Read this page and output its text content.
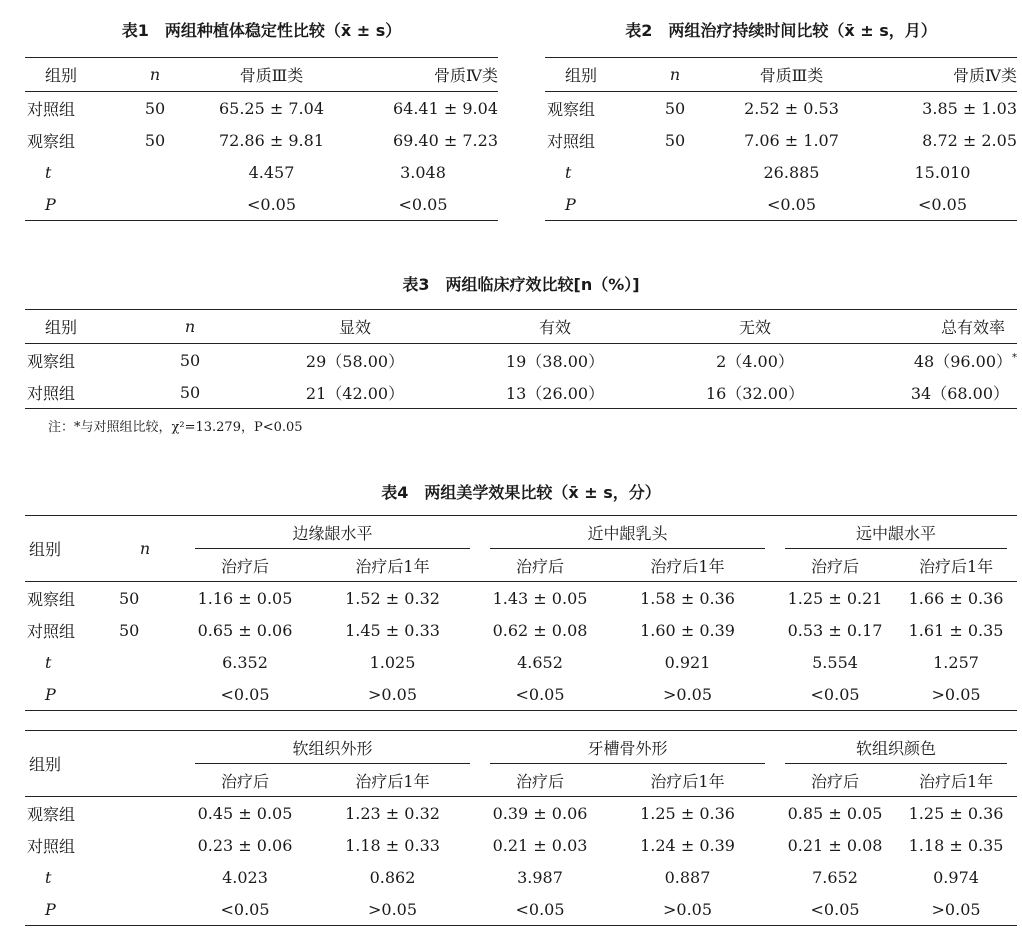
表1　两组种植体稳定性比较（x̄ ± s）
组别	n	骨质Ⅲ类	骨质Ⅳ类
对照组	50	65.25 ± 7.04	64.41 ± 9.04
观察组	50	72.86 ± 9.81	69.40 ± 7.23
t		4.457	3.048
P		<0.05	<0.05
表2　两组治疗持续时间比较（x̄ ± s，月）
组别	n	骨质Ⅲ类	骨质Ⅳ类
观察组	50	2.52 ± 0.53	3.85 ± 1.03
对照组	50	7.06 ± 1.07	8.72 ± 2.05
t		26.885	15.010
P		<0.05	<0.05
表3　两组临床疗效比较[n（%）]
组别	n	显效	有效	无效	总有效率
观察组	50	29（58.00）	19（38.00）	2（4.00）	48（96.00）*
对照组	50	21（42.00）	13（26.00）	16（32.00）	34（68.00）
注：*与对照组比较，χ²=13.279，P<0.05
表4　两组美学效果比较（x̄ ± s，分）
组别	n	边缘龈水平		近中龈乳头		远中龈水平	
		治疗后	治疗后1年	治疗后	治疗后1年	治疗后	治疗后1年
观察组	50	1.16 ± 0.05	1.52 ± 0.32	1.43 ± 0.05	1.58 ± 0.36	1.25 ± 0.21	1.66 ± 0.36
对照组	50	0.65 ± 0.06	1.45 ± 0.33	0.62 ± 0.08	1.60 ± 0.39	0.53 ± 0.17	1.61 ± 0.35
t		6.352	1.025	4.652	0.921	5.554	1.257
P		<0.05	>0.05	<0.05	>0.05	<0.05	>0.05
组别	软组织外形		牙槽骨外形		软组织颜色	
	治疗后	治疗后1年	治疗后	治疗后1年	治疗后	治疗后1年
观察组	0.45 ± 0.05	1.23 ± 0.32	0.39 ± 0.06	1.25 ± 0.36	0.85 ± 0.05	1.25 ± 0.36
对照组	0.23 ± 0.06	1.18 ± 0.33	0.21 ± 0.03	1.24 ± 0.39	0.21 ± 0.08	1.18 ± 0.35
t	4.023	0.862	3.987	0.887	7.652	0.974
P	<0.05	>0.05	<0.05	>0.05	<0.05	>0.05
